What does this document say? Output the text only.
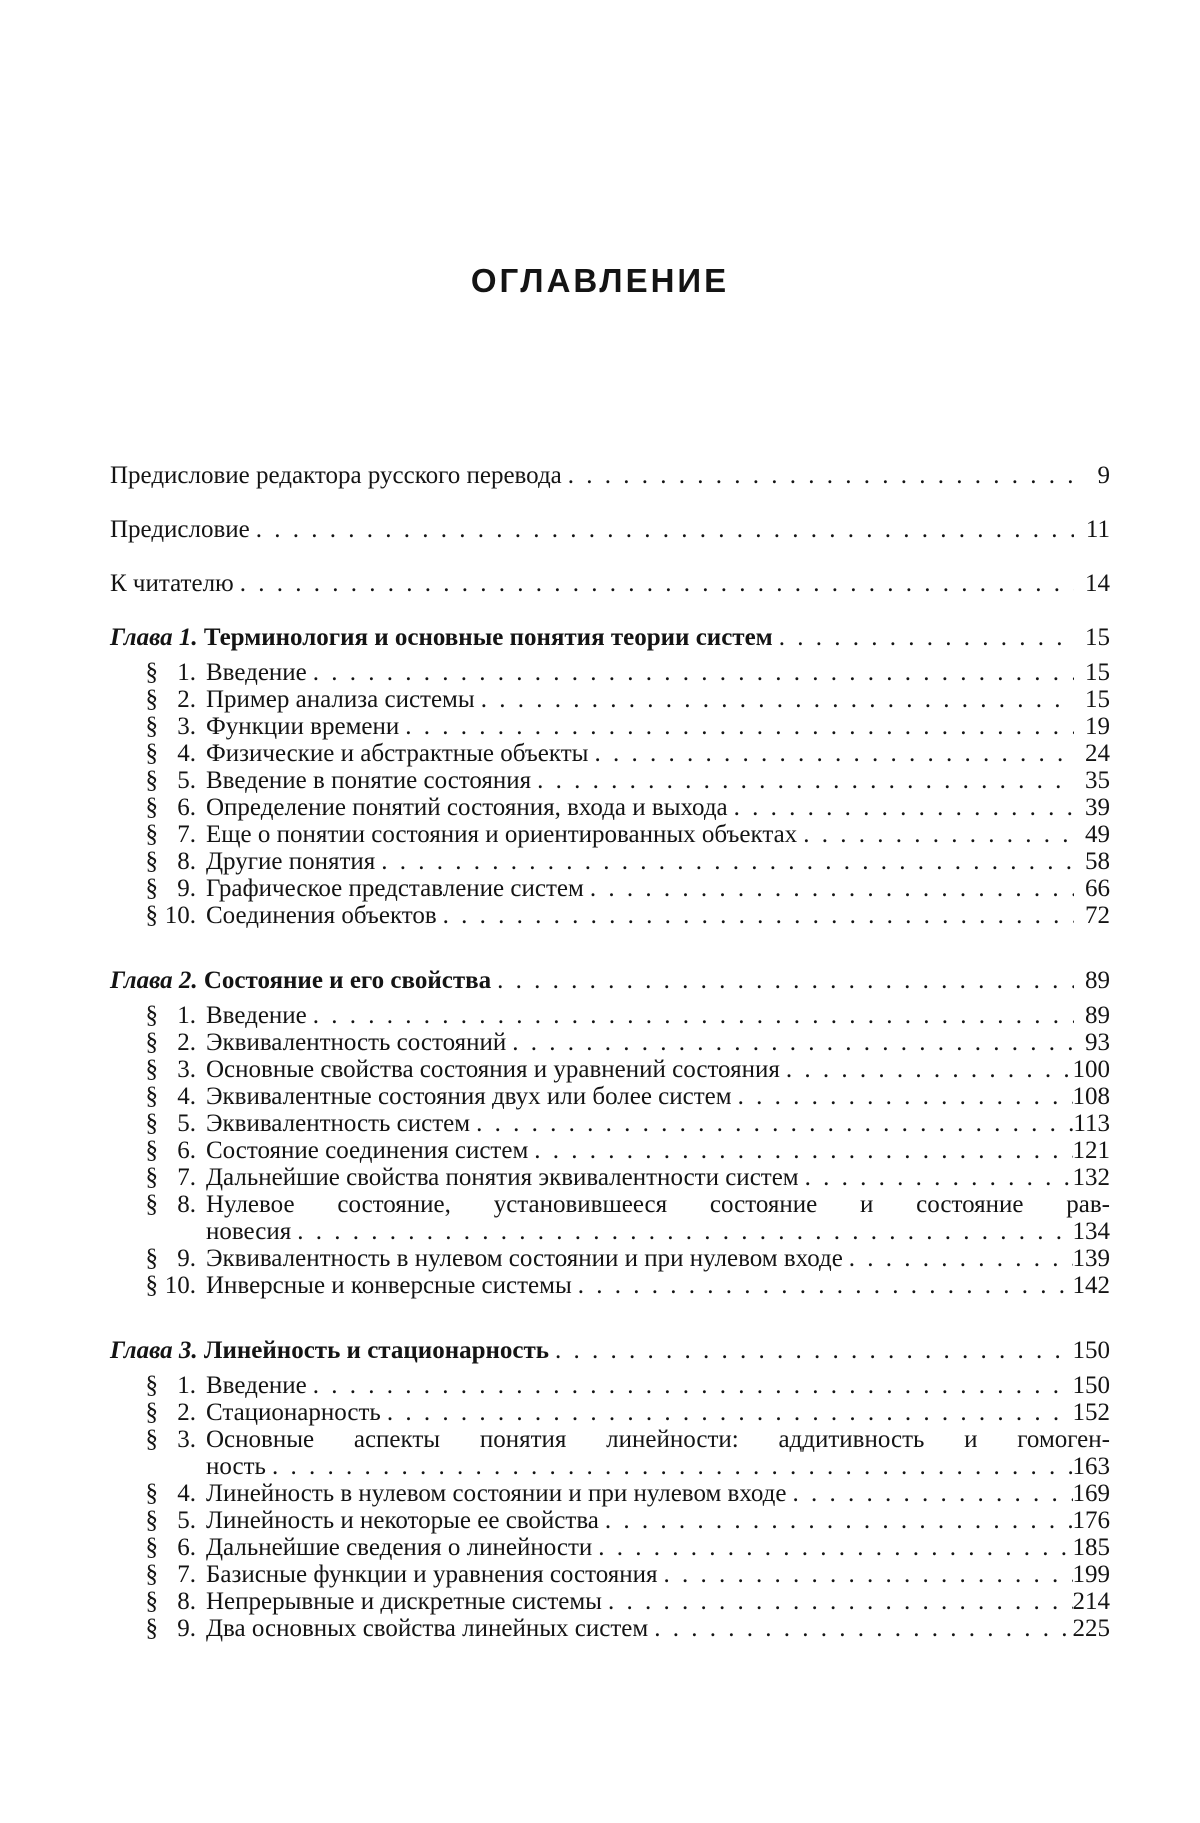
ОГЛАВЛЕНИЕ
Предисловие редактора русского перевода . . .	9
Предисловие . . .	11
К читателю . . .	14
Глава 1. Терминология и основные понятия теории систем . . .	15
§ 1. Введение . . .	15
§ 2. Пример анализа системы . . .	15
§ 3. Функции времени . . .	19
§ 4. Физические и абстрактные объекты . . .	24
§ 5. Введение в понятие состояния . . .	35
§ 6. Определение понятий состояния, входа и выхода . . .	39
§ 7. Еще о понятии состояния и ориентированных объектах . . .	49
§ 8. Другие понятия . . .	58
§ 9. Графическое представление систем . . .	66
§ 10. Соединения объектов . . .	72
Глава 2. Состояние и его свойства . . .	89
§ 1. Введение . . .	89
§ 2. Эквивалентность состояний . . .	93
§ 3. Основные свойства состояния и уравнений состояния . . .	100
§ 4. Эквивалентные состояния двух или более систем . . .	108
§ 5. Эквивалентность систем . . .	113
§ 6. Состояние соединения систем . . .	121
§ 7. Дальнейшие свойства понятия эквивалентности систем . . .	132
§ 8. Нулевое состояние, установившееся состояние и состояние рав-
новесия . . .	134
§ 9. Эквивалентность в нулевом состоянии и при нулевом входе . . .	139
§ 10. Инверсные и конверсные системы . . .	142
Глава 3. Линейность и стационарность . . .	150
§ 1. Введение . . .	150
§ 2. Стационарность . . .	152
§ 3. Основные аспекты понятия линейности: аддитивность и гомоген-
ность . . .	163
§ 4. Линейность в нулевом состоянии и при нулевом входе . . .	169
§ 5. Линейность и некоторые ее свойства . . .	176
§ 6. Дальнейшие сведения о линейности . . .	185
§ 7. Базисные функции и уравнения состояния . . .	199
§ 8. Непрерывные и дискретные системы . . .	214
§ 9. Два основных свойства линейных систем . . .	225
